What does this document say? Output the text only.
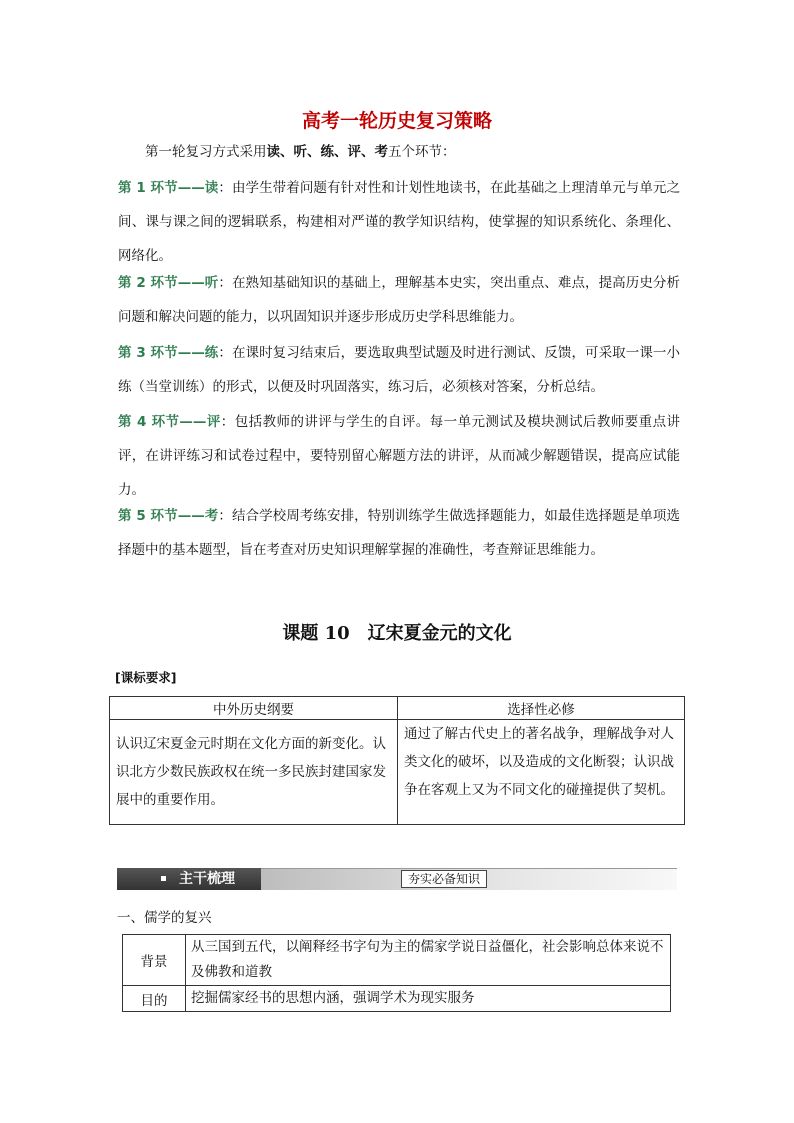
高考一轮历史复习策略
第一轮复习方式采用读、听、练、评、考五个环节：
第 1 环节——读：由学生带着问题有针对性和计划性地读书，在此基础之上理清单元与单元之间、课与课之间的逻辑联系，构建相对严谨的教学知识结构，使掌握的知识系统化、条理化、网络化。
第 2 环节——听：在熟知基础知识的基础上，理解基本史实，突出重点、难点，提高历史分析问题和解决问题的能力，以巩固知识并逐步形成历史学科思维能力。
第 3 环节——练：在课时复习结束后，要选取典型试题及时进行测试、反馈，可采取一课一小练（当堂训练）的形式，以便及时巩固落实，练习后，必须核对答案，分析总结。
第 4 环节——评：包括教师的讲评与学生的自评。每一单元测试及模块测试后教师要重点讲评，在讲评练习和试卷过程中，要特别留心解题方法的讲评，从而减少解题错误，提高应试能力。
第 5 环节——考：结合学校周考练安排，特别训练学生做选择题能力，如最佳选择题是单项选择题中的基本题型，旨在考查对历史知识理解掌握的准确性，考查辩证思维能力。
课题 10　辽宋夏金元的文化
[课标要求]
中外历史纲要	选择性必修
认识辽宋夏金元时期在文化方面的新变化。认识北方少数民族政权在统一多民族封建国家发展中的重要作用。	通过了解古代史上的著名战争，理解战争对人类文化的破坏，以及造成的文化断裂；认识战争在客观上又为不同文化的碰撞提供了契机。
主干梳理	夯实必备知识
一、儒学的复兴
背景	从三国到五代，以阐释经书字句为主的儒家学说日益僵化，社会影响总体来说不及佛教和道教
目的	挖掘儒家经书的思想内涵，强调学术为现实服务
